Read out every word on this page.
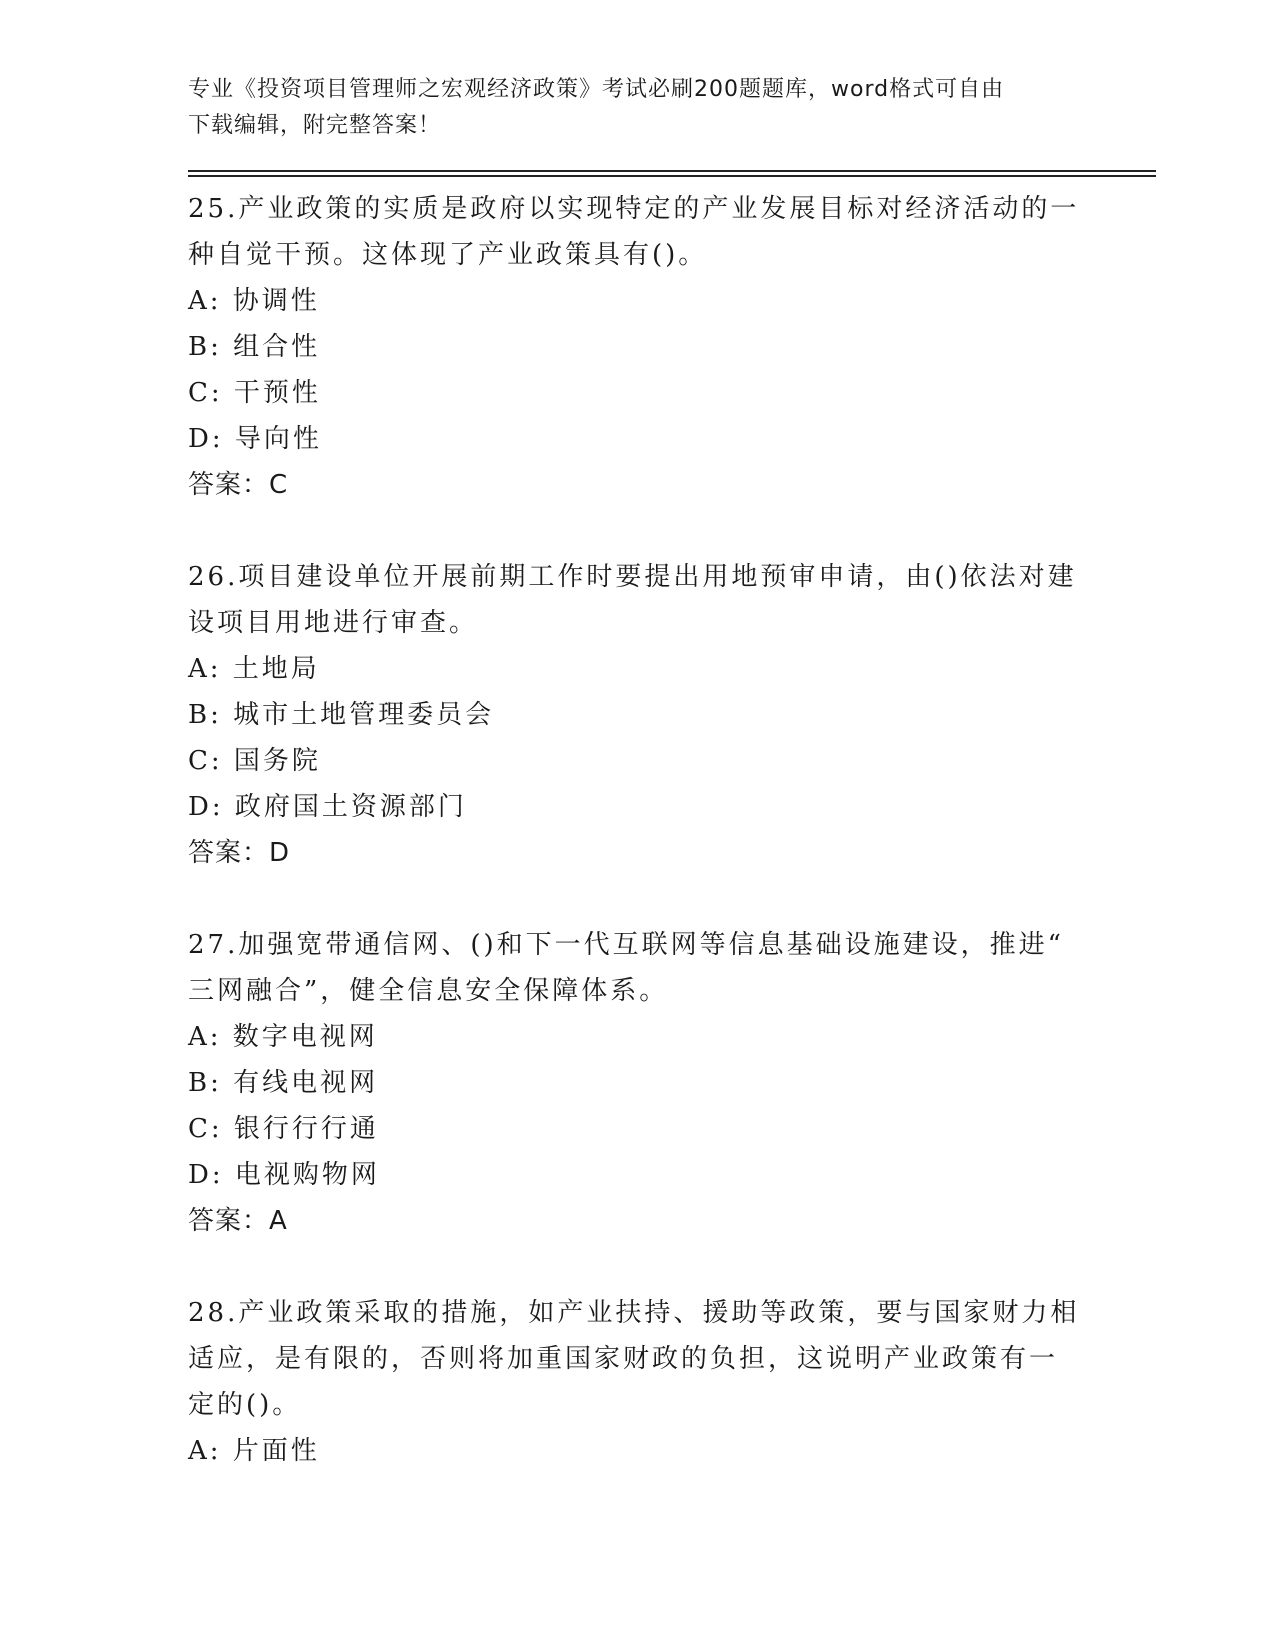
专业《投资项目管理师之宏观经济政策》考试必刷200题题库，word格式可自由
下载编辑，附完整答案！

25.产业政策的实质是政府以实现特定的产业发展目标对经济活动的一

种自觉干预。这体现了产业政策具有()。

A: 协调性

B: 组合性

C: 干预性

D: 导向性

答案：C

26.项目建设单位开展前期工作时要提出用地预审申请，由()依法对建

设项目用地进行审查。

A: 土地局

B: 城市土地管理委员会

C: 国务院

D: 政府国土资源部门

答案：D

27.加强宽带通信网、()和下一代互联网等信息基础设施建设，推进“

三网融合”，健全信息安全保障体系。

A: 数字电视网

B: 有线电视网

C: 银行行行通

D: 电视购物网

答案：A

28.产业政策采取的措施，如产业扶持、援助等政策，要与国家财力相

适应，是有限的，否则将加重国家财政的负担，这说明产业政策有一

定的()。

A: 片面性
